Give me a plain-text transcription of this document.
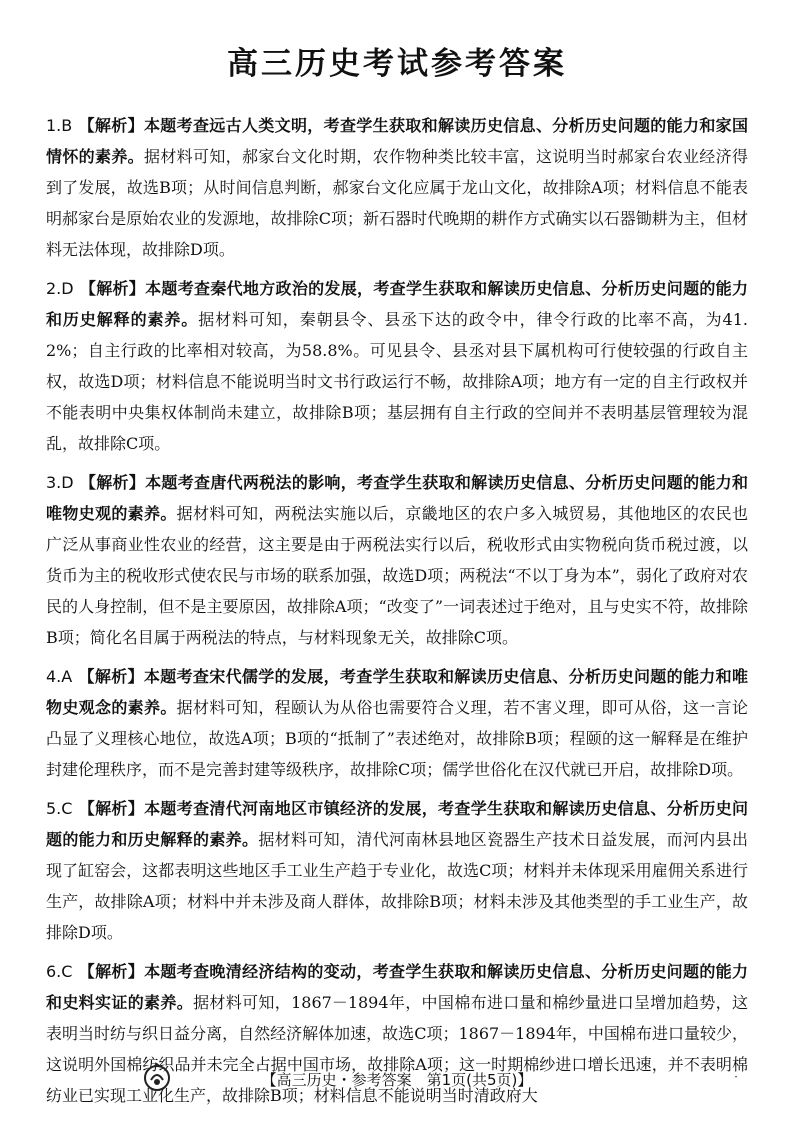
高三历史考试参考答案
1.B 【解析】本题考查远古人类文明，考查学生获取和解读历史信息、分析历史问题的能力和家国情怀的素养。据材料可知，郝家台文化时期，农作物种类比较丰富，这说明当时郝家台农业经济得到了发展，故选B项；从时间信息判断，郝家台文化应属于龙山文化，故排除A项；材料信息不能表明郝家台是原始农业的发源地，故排除C项；新石器时代晚期的耕作方式确实以石器锄耕为主，但材料无法体现，故排除D项。
2.D 【解析】本题考查秦代地方政治的发展，考查学生获取和解读历史信息、分析历史问题的能力和历史解释的素养。据材料可知，秦朝县令、县丞下达的政令中，律令行政的比率不高，为41.2%；自主行政的比率相对较高，为58.8%。可见县令、县丞对县下属机构可行使较强的行政自主权，故选D项；材料信息不能说明当时文书行政运行不畅，故排除A项；地方有一定的自主行政权并不能表明中央集权体制尚未建立，故排除B项；基层拥有自主行政的空间并不表明基层管理较为混乱，故排除C项。
3.D 【解析】本题考查唐代两税法的影响，考查学生获取和解读历史信息、分析历史问题的能力和唯物史观的素养。据材料可知，两税法实施以后，京畿地区的农户多入城贸易，其他地区的农民也广泛从事商业性农业的经营，这主要是由于两税法实行以后，税收形式由实物税向货币税过渡，以货币为主的税收形式使农民与市场的联系加强，故选D项；两税法“不以丁身为本”，弱化了政府对农民的人身控制，但不是主要原因，故排除A项；“改变了”一词表述过于绝对，且与史实不符，故排除B项；简化名目属于两税法的特点，与材料现象无关，故排除C项。
4.A 【解析】本题考查宋代儒学的发展，考查学生获取和解读历史信息、分析历史问题的能力和唯物史观念的素养。据材料可知，程颐认为从俗也需要符合义理，若不害义理，即可从俗，这一言论凸显了义理核心地位，故选A项；B项的“抵制了”表述绝对，故排除B项；程颐的这一解释是在维护封建伦理秩序，而不是完善封建等级秩序，故排除C项；儒学世俗化在汉代就已开启，故排除D项。
5.C 【解析】本题考查清代河南地区市镇经济的发展，考查学生获取和解读历史信息、分析历史问题的能力和历史解释的素养。据材料可知，清代河南林县地区瓷器生产技术日益发展，而河内县出现了缸窑会，这都表明这些地区手工业生产趋于专业化，故选C项；材料并未体现采用雇佣关系进行生产，故排除A项；材料中并未涉及商人群体，故排除B项；材料未涉及其他类型的手工业生产，故排除D项。
6.C 【解析】本题考查晚清经济结构的变动，考查学生获取和解读历史信息、分析历史问题的能力和史料实证的素养。据材料可知，1867－1894年，中国棉布进口量和棉纱量进口呈增加趋势，这表明当时纺与织日益分离，自然经济解体加速，故选C项；1867－1894年，中国棉布进口量较少，这说明外国棉纺织品并未完全占据中国市场，故排除A项；这一时期棉纱进口增长迅速，并不表明棉纺业已实现工业化生产，故排除B项；材料信息不能说明当时清政府大
【高三历史・参考答案　第1页(共5页)】	·
